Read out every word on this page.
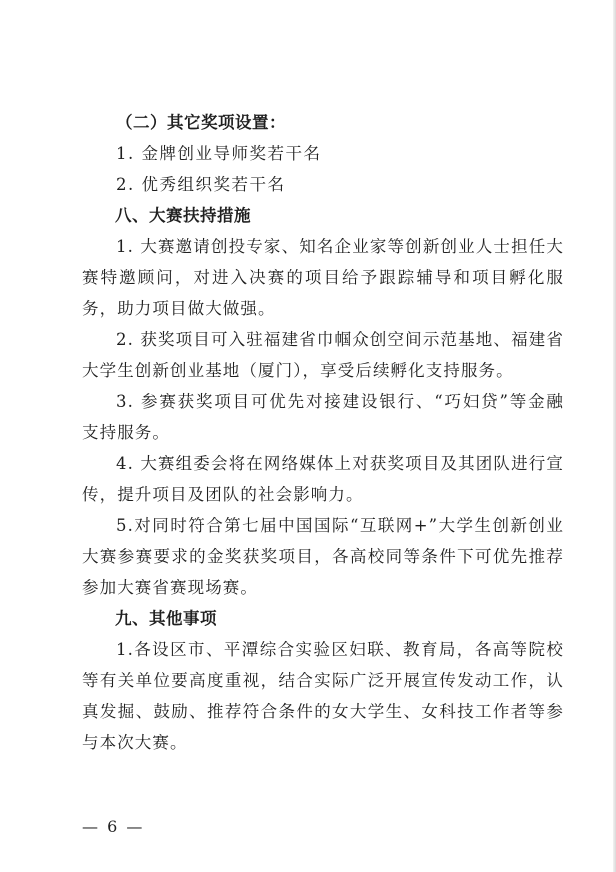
（二）其它奖项设置：

1. 金牌创业导师奖若干名

2. 优秀组织奖若干名

八、大赛扶持措施

1. 大赛邀请创投专家、知名企业家等创新创业人士担任大赛特邀顾问，对进入决赛的项目给予跟踪辅导和项目孵化服务，助力项目做大做强。

2. 获奖项目可入驻福建省巾帼众创空间示范基地、福建省大学生创新创业基地（厦门），享受后续孵化支持服务。

3. 参赛获奖项目可优先对接建设银行、“巧妇贷”等金融支持服务。

4. 大赛组委会将在网络媒体上对获奖项目及其团队进行宣传，提升项目及团队的社会影响力。

5.对同时符合第七届中国国际“互联网+”大学生创新创业大赛参赛要求的金奖获奖项目，各高校同等条件下可优先推荐参加大赛省赛现场赛。

九、其他事项

1.各设区市、平潭综合实验区妇联、教育局，各高等院校等有关单位要高度重视，结合实际广泛开展宣传发动工作，认真发掘、鼓励、推荐符合条件的女大学生、女科技工作者等参与本次大赛。

— 6 —
